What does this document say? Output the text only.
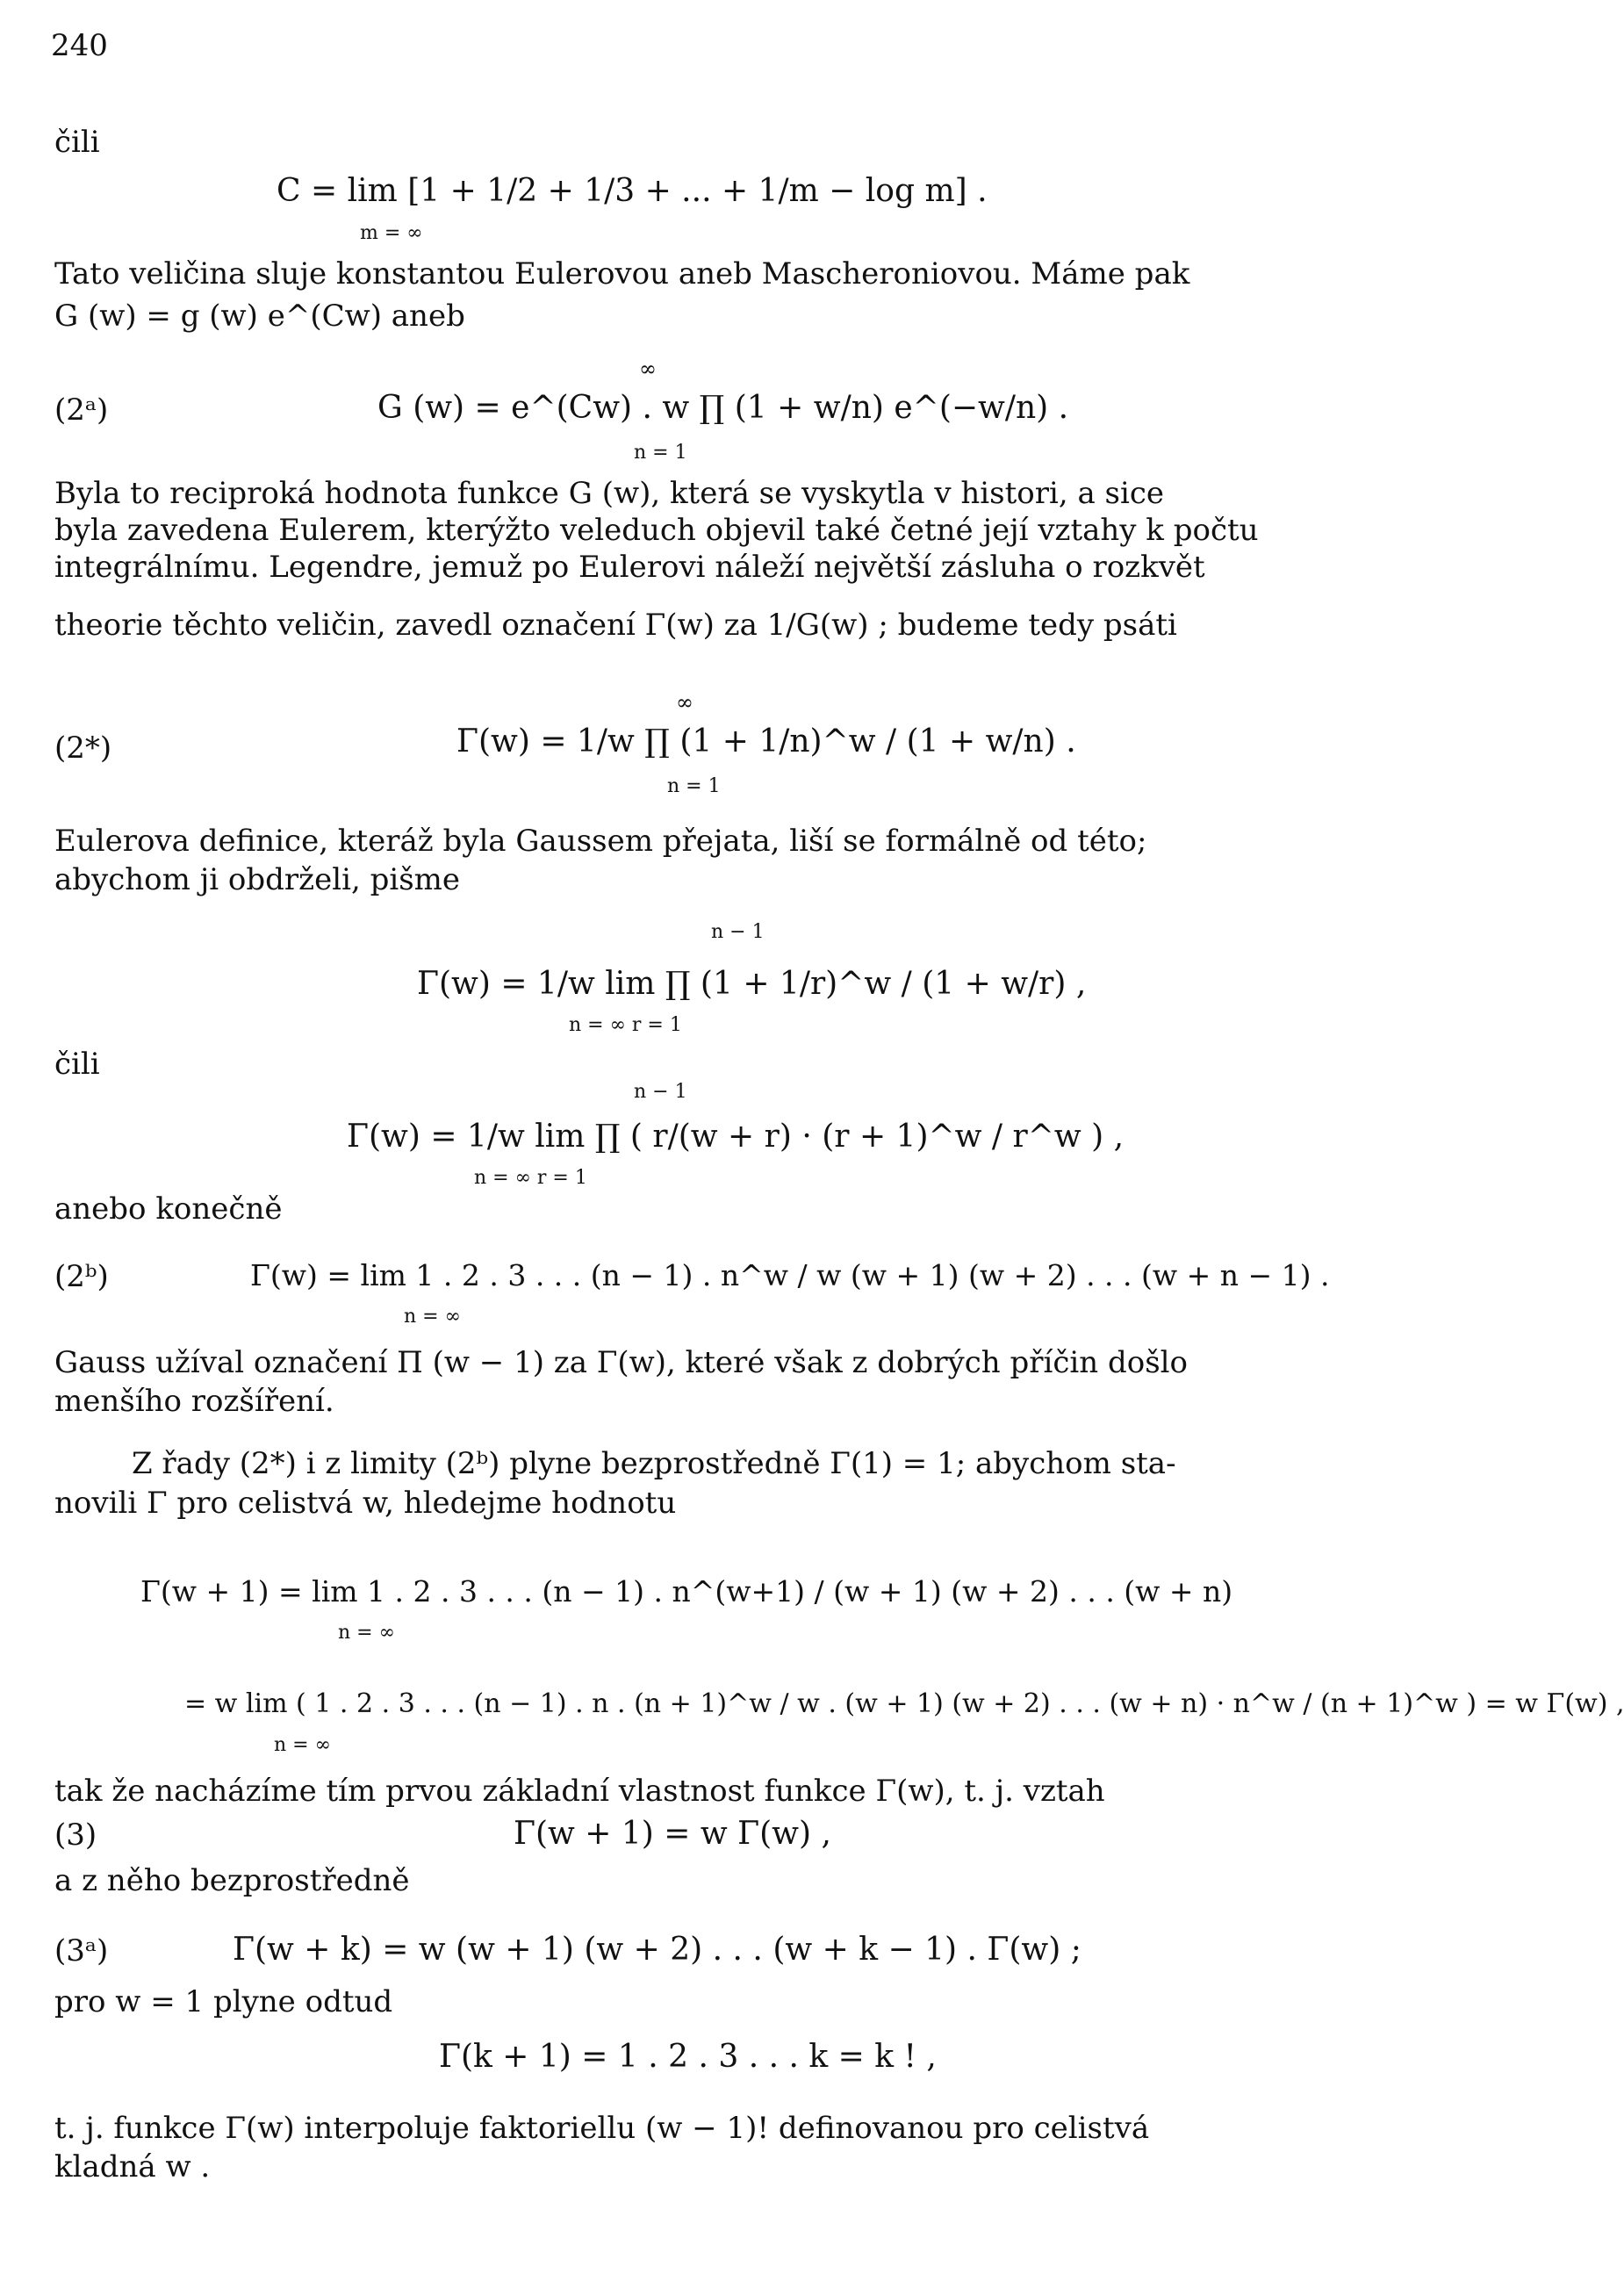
240
čili
C = lim [1 + 1/2 + 1/3 + ... + 1/m − log m] .
m = ∞
Tato veličina sluje konstantou Eulerovou aneb Mascheroniovou. Máme pak
G (w) = g (w) e^(Cw) aneb
(2ᵃ)
∞
G (w) = e^(Cw) . w ∏ (1 + w/n) e^(−w/n) .
n = 1
Byla to reciproká hodnota funkce G (w), která se vyskytla v histori, a sice
byla zavedena Eulerem, kterýžto veleduch objevil také četné její vztahy k počtu
integrálnímu. Legendre, jemuž po Eulerovi náleží největší zásluha o rozkvět
theorie těchto veličin, zavedl označení Γ(w) za 1/G(w) ; budeme tedy psáti
(2*)
∞
Γ(w) = 1/w ∏ (1 + 1/n)^w / (1 + w/n) .
n = 1
Eulerova definice, kteráž byla Gaussem přejata, liší se formálně od této;
abychom ji obdrželi, pišme
n − 1
Γ(w) = 1/w lim ∏ (1 + 1/r)^w / (1 + w/r) ,
n = ∞ r = 1
čili
n − 1
Γ(w) = 1/w lim ∏ ( r/(w + r) · (r + 1)^w / r^w ) ,
n = ∞ r = 1
anebo konečně
(2ᵇ)	Γ(w) = lim 1 . 2 . 3 . . . (n − 1) . n^w / w (w + 1) (w + 2) . . . (w + n − 1) .
n = ∞
Gauss užíval označení Π (w − 1) za Γ(w), které však z dobrých příčin došlo
menšího rozšíření.
Z řady (2*) i z limity (2ᵇ) plyne bezprostředně Γ(1) = 1; abychom sta-
novili Γ pro celistvá w, hledejme hodnotu
Γ(w + 1) = lim 1 . 2 . 3 . . . (n − 1) . n^(w+1) / (w + 1) (w + 2) . . . (w + n)
n = ∞
= w lim ( 1 . 2 . 3 . . . (n − 1) . n . (n + 1)^w / w . (w + 1) (w + 2) . . . (w + n) · n^w / (n + 1)^w ) = w Γ(w) ,
n = ∞
tak že nacházíme tím prvou základní vlastnost funkce Γ(w), t. j. vztah
(3)	Γ(w + 1) = w Γ(w) ,
a z něho bezprostředně
(3ᵃ)	Γ(w + k) = w (w + 1) (w + 2) . . . (w + k − 1) . Γ(w) ;
pro w = 1 plyne odtud
Γ(k + 1) = 1 . 2 . 3 . . . k = k ! ,
t. j. funkce Γ(w) interpoluje faktoriellu (w − 1)! definovanou pro celistvá
kladná w .
